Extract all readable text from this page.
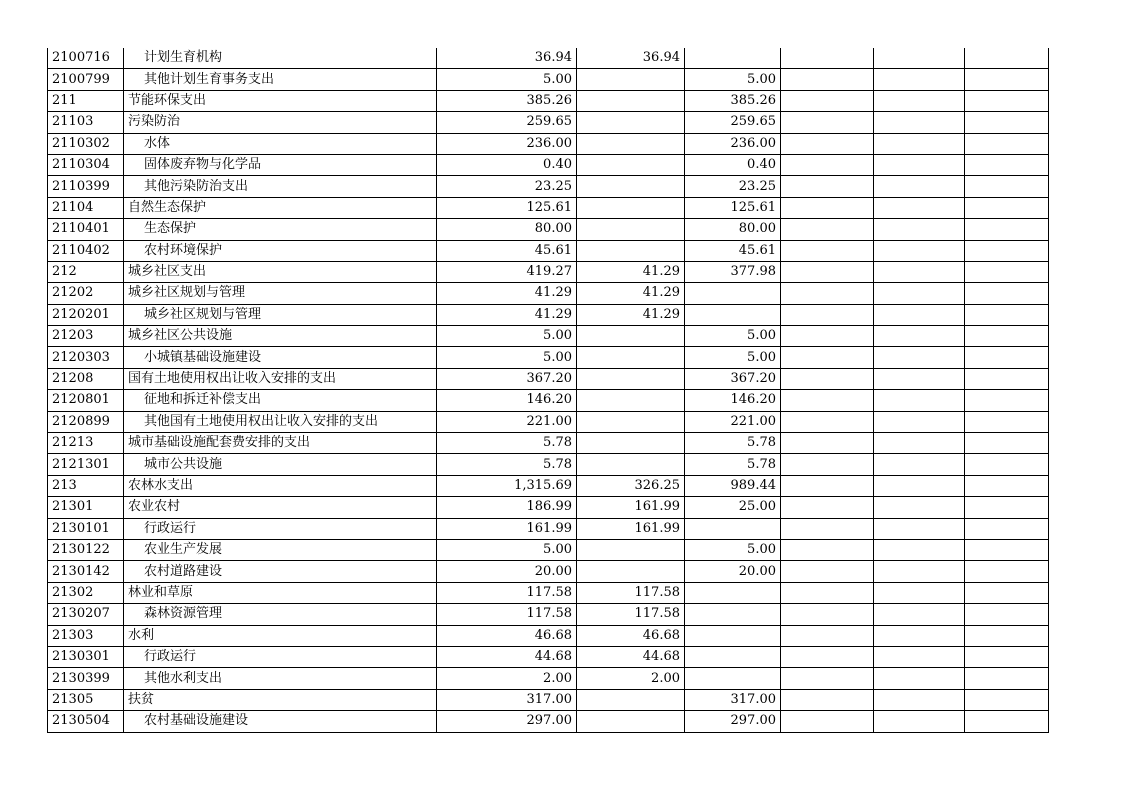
2100716	计划生育机构	36.94	36.94				
2100799	其他计划生育事务支出	5.00		5.00			
211	节能环保支出	385.26		385.26			
21103	污染防治	259.65		259.65			
2110302	水体	236.00		236.00			
2110304	固体废弃物与化学品	0.40		0.40			
2110399	其他污染防治支出	23.25		23.25			
21104	自然生态保护	125.61		125.61			
2110401	生态保护	80.00		80.00			
2110402	农村环境保护	45.61		45.61			
212	城乡社区支出	419.27	41.29	377.98			
21202	城乡社区规划与管理	41.29	41.29				
2120201	城乡社区规划与管理	41.29	41.29				
21203	城乡社区公共设施	5.00		5.00			
2120303	小城镇基础设施建设	5.00		5.00			
21208	国有土地使用权出让收入安排的支出	367.20		367.20			
2120801	征地和拆迁补偿支出	146.20		146.20			
2120899	其他国有土地使用权出让收入安排的支出	221.00		221.00			
21213	城市基础设施配套费安排的支出	5.78		5.78			
2121301	城市公共设施	5.78		5.78			
213	农林水支出	1,315.69	326.25	989.44			
21301	农业农村	186.99	161.99	25.00			
2130101	行政运行	161.99	161.99				
2130122	农业生产发展	5.00		5.00			
2130142	农村道路建设	20.00		20.00			
21302	林业和草原	117.58	117.58				
2130207	森林资源管理	117.58	117.58				
21303	水利	46.68	46.68				
2130301	行政运行	44.68	44.68				
2130399	其他水利支出	2.00	2.00				
21305	扶贫	317.00		317.00			
2130504	农村基础设施建设	297.00		297.00			
